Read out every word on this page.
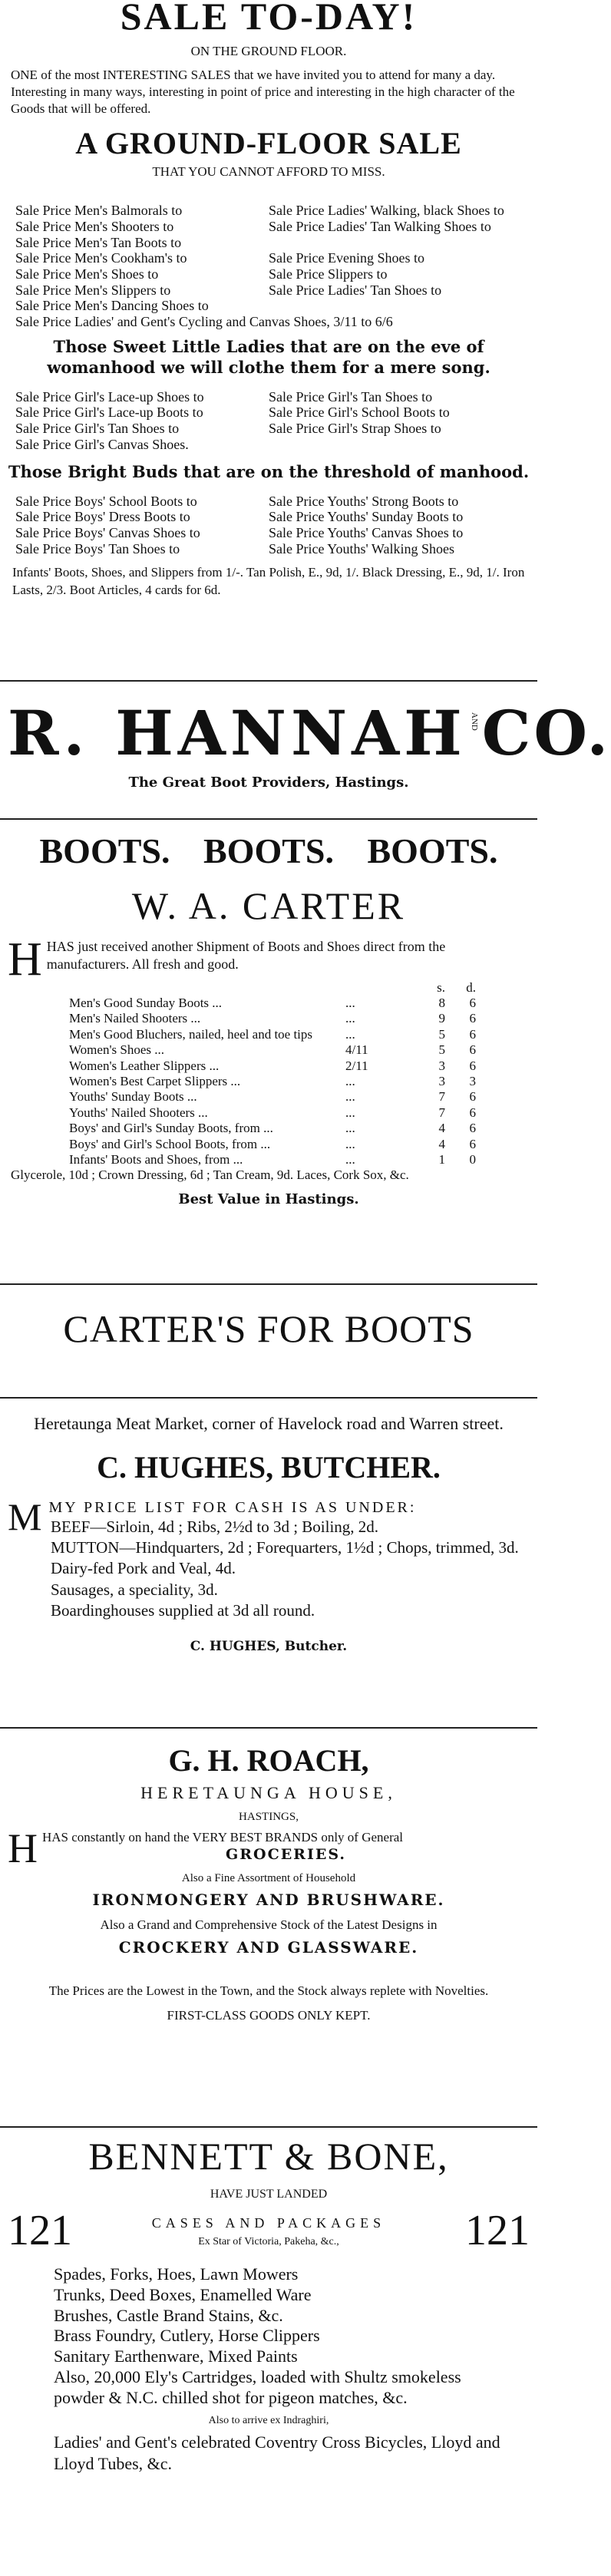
SALE TO-DAY!
ON THE GROUND FLOOR.
ONE of the most INTERESTING SALES that we have invited you to attend for many a day. Interesting in many ways, interesting in point of price and interesting in the high character of the Goods that will be offered.
A GROUND-FLOOR SALE
THAT YOU CANNOT AFFORD TO MISS.
Sale Price Men's Balmorals to	Sale Price Ladies' Walking, black Shoes to
Sale Price Men's Shooters to	Sale Price Ladies' Tan Walking Shoes to
Sale Price Men's Tan Boots to
Sale Price Men's Cookham's to	Sale Price Evening Shoes to
Sale Price Men's Shoes to	Sale Price Slippers to
Sale Price Men's Slippers to	Sale Price Ladies' Tan Shoes to
Sale Price Men's Dancing Shoes to
Sale Price Ladies' and Gent's Cycling and Canvas Shoes, 3/11 to 6/6
Those Sweet Little Ladies that are on the eve of womanhood we will clothe them for a mere song.
Sale Price Girl's Lace-up Shoes to	Sale Price Girl's Tan Shoes to
Sale Price Girl's Lace-up Boots to	Sale Price Girl's School Boots to
Sale Price Girl's Tan Shoes to	Sale Price Girl's Strap Shoes to
Sale Price Girl's Canvas Shoes.
Those Bright Buds that are on the threshold of manhood.
Sale Price Boys' School Boots to	Sale Price Youths' Strong Boots to
Sale Price Boys' Dress Boots to	Sale Price Youths' Sunday Boots to
Sale Price Boys' Canvas Shoes to	Sale Price Youths' Canvas Shoes to
Sale Price Boys' Tan Shoes to	Sale Price Youths' Walking Shoes
Infants' Boots, Shoes, and Slippers from 1/-. Tan Polish, E., 9d, 1/. Black Dressing, E., 9d, 1/. Iron Lasts, 2/3. Boot Articles, 4 cards for 6d.
R. HANNAH AND CO.
The Great Boot Providers, Hastings.
BOOTS. BOOTS. BOOTS.
W. A. CARTER
HHAS just received another Shipment of Boots and Shoes direct from the manufacturers. All fresh and good.
s.	d.
Men's Good Sunday Boots ...	...	8	6
Men's Nailed Shooters ...	...	9	6
Men's Good Bluchers, nailed, heel and toe tips	...	5	6
Women's Shoes ...	4/11	5	6
Women's Leather Slippers ...	2/11	3	6
Women's Best Carpet Slippers ...	...	3	3
Youths' Sunday Boots ...	...	7	6
Youths' Nailed Shooters ...	...	7	6
Boys' and Girl's Sunday Boots, from ...	...	4	6
Boys' and Girl's School Boots, from ...	...	4	6
Infants' Boots and Shoes, from ...	...	1	0
Glycerole, 10d ; Crown Dressing, 6d ; Tan Cream, 9d. Laces, Cork Sox, &c.
Best Value in Hastings.
CARTER'S FOR BOOTS
Heretaunga Meat Market, corner of Havelock road and Warren street.
C. HUGHES, BUTCHER.
MMY PRICE LIST FOR CASH IS AS UNDER:
BEEF—Sirloin, 4d ; Ribs, 2½d to 3d ; Boiling, 2d.
MUTTON—Hindquarters, 2d ; Forequarters, 1½d ; Chops, trimmed, 3d.
Dairy-fed Pork and Veal, 4d.
Sausages, a speciality, 3d.
Boardinghouses supplied at 3d all round.
C. HUGHES, Butcher.
G. H. ROACH,
HERETAUNGA HOUSE,
HASTINGS,
HHAS constantly on hand the VERY BEST BRANDS only of General
GROCERIES.
Also a Fine Assortment of Household
IRONMONGERY AND BRUSHWARE.
Also a Grand and Comprehensive Stock of the Latest Designs in
CROCKERY AND GLASSWARE.
The Prices are the Lowest in the Town, and the Stock always replete with Novelties.
FIRST-CLASS GOODS ONLY KEPT.
BENNETT & BONE,
HAVE JUST LANDED
121	CASES AND PACKAGES
Ex Star of Victoria, Pakeha, &c.,	121
Spades, Forks, Hoes, Lawn Mowers
Trunks, Deed Boxes, Enamelled Ware
Brushes, Castle Brand Stains, &c.
Brass Foundry, Cutlery, Horse Clippers
Sanitary Earthenware, Mixed Paints
Also, 20,000 Ely's Cartridges, loaded with Shultz smokeless powder & N.C. chilled shot for pigeon matches, &c.
Also to arrive ex Indraghiri,
Ladies' and Gent's celebrated Coventry Cross Bicycles, Lloyd and Lloyd Tubes, &c.
